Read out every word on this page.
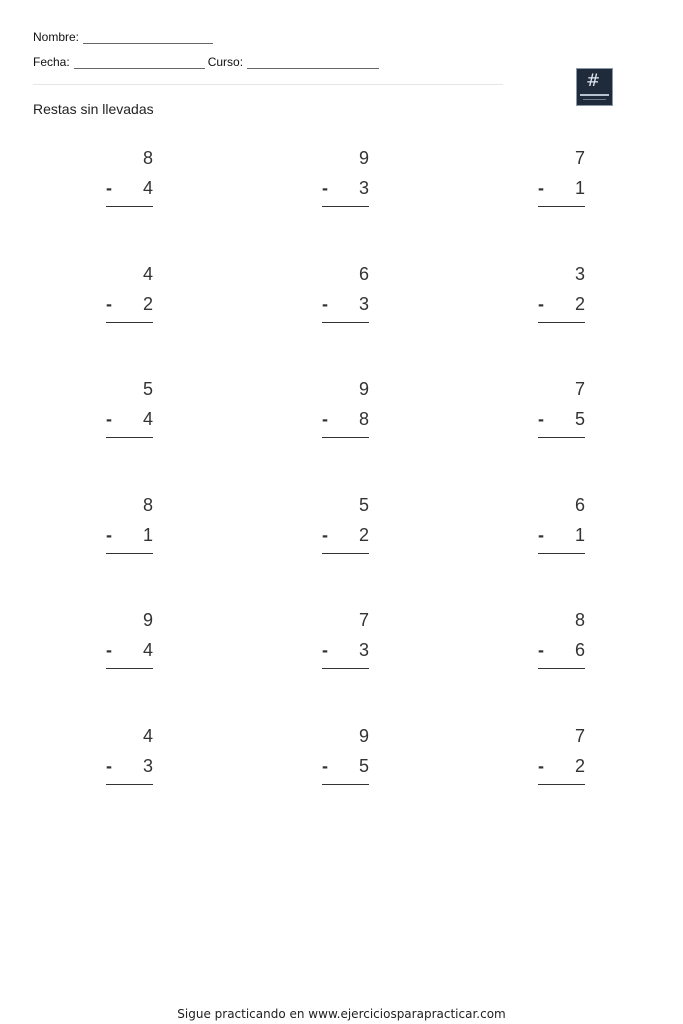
Nombre:
Fecha:	Curso:
#
Restas sin llevadas
8
- 4
9
- 3
7
- 1
4
- 2
6
- 3
3
- 2
5
- 4
9
- 8
7
- 5
8
- 1
5
- 2
6
- 1
9
- 4
7
- 3
8
- 6
4
- 3
9
- 5
7
- 2
Sigue practicando en www.ejerciciosparapracticar.com
